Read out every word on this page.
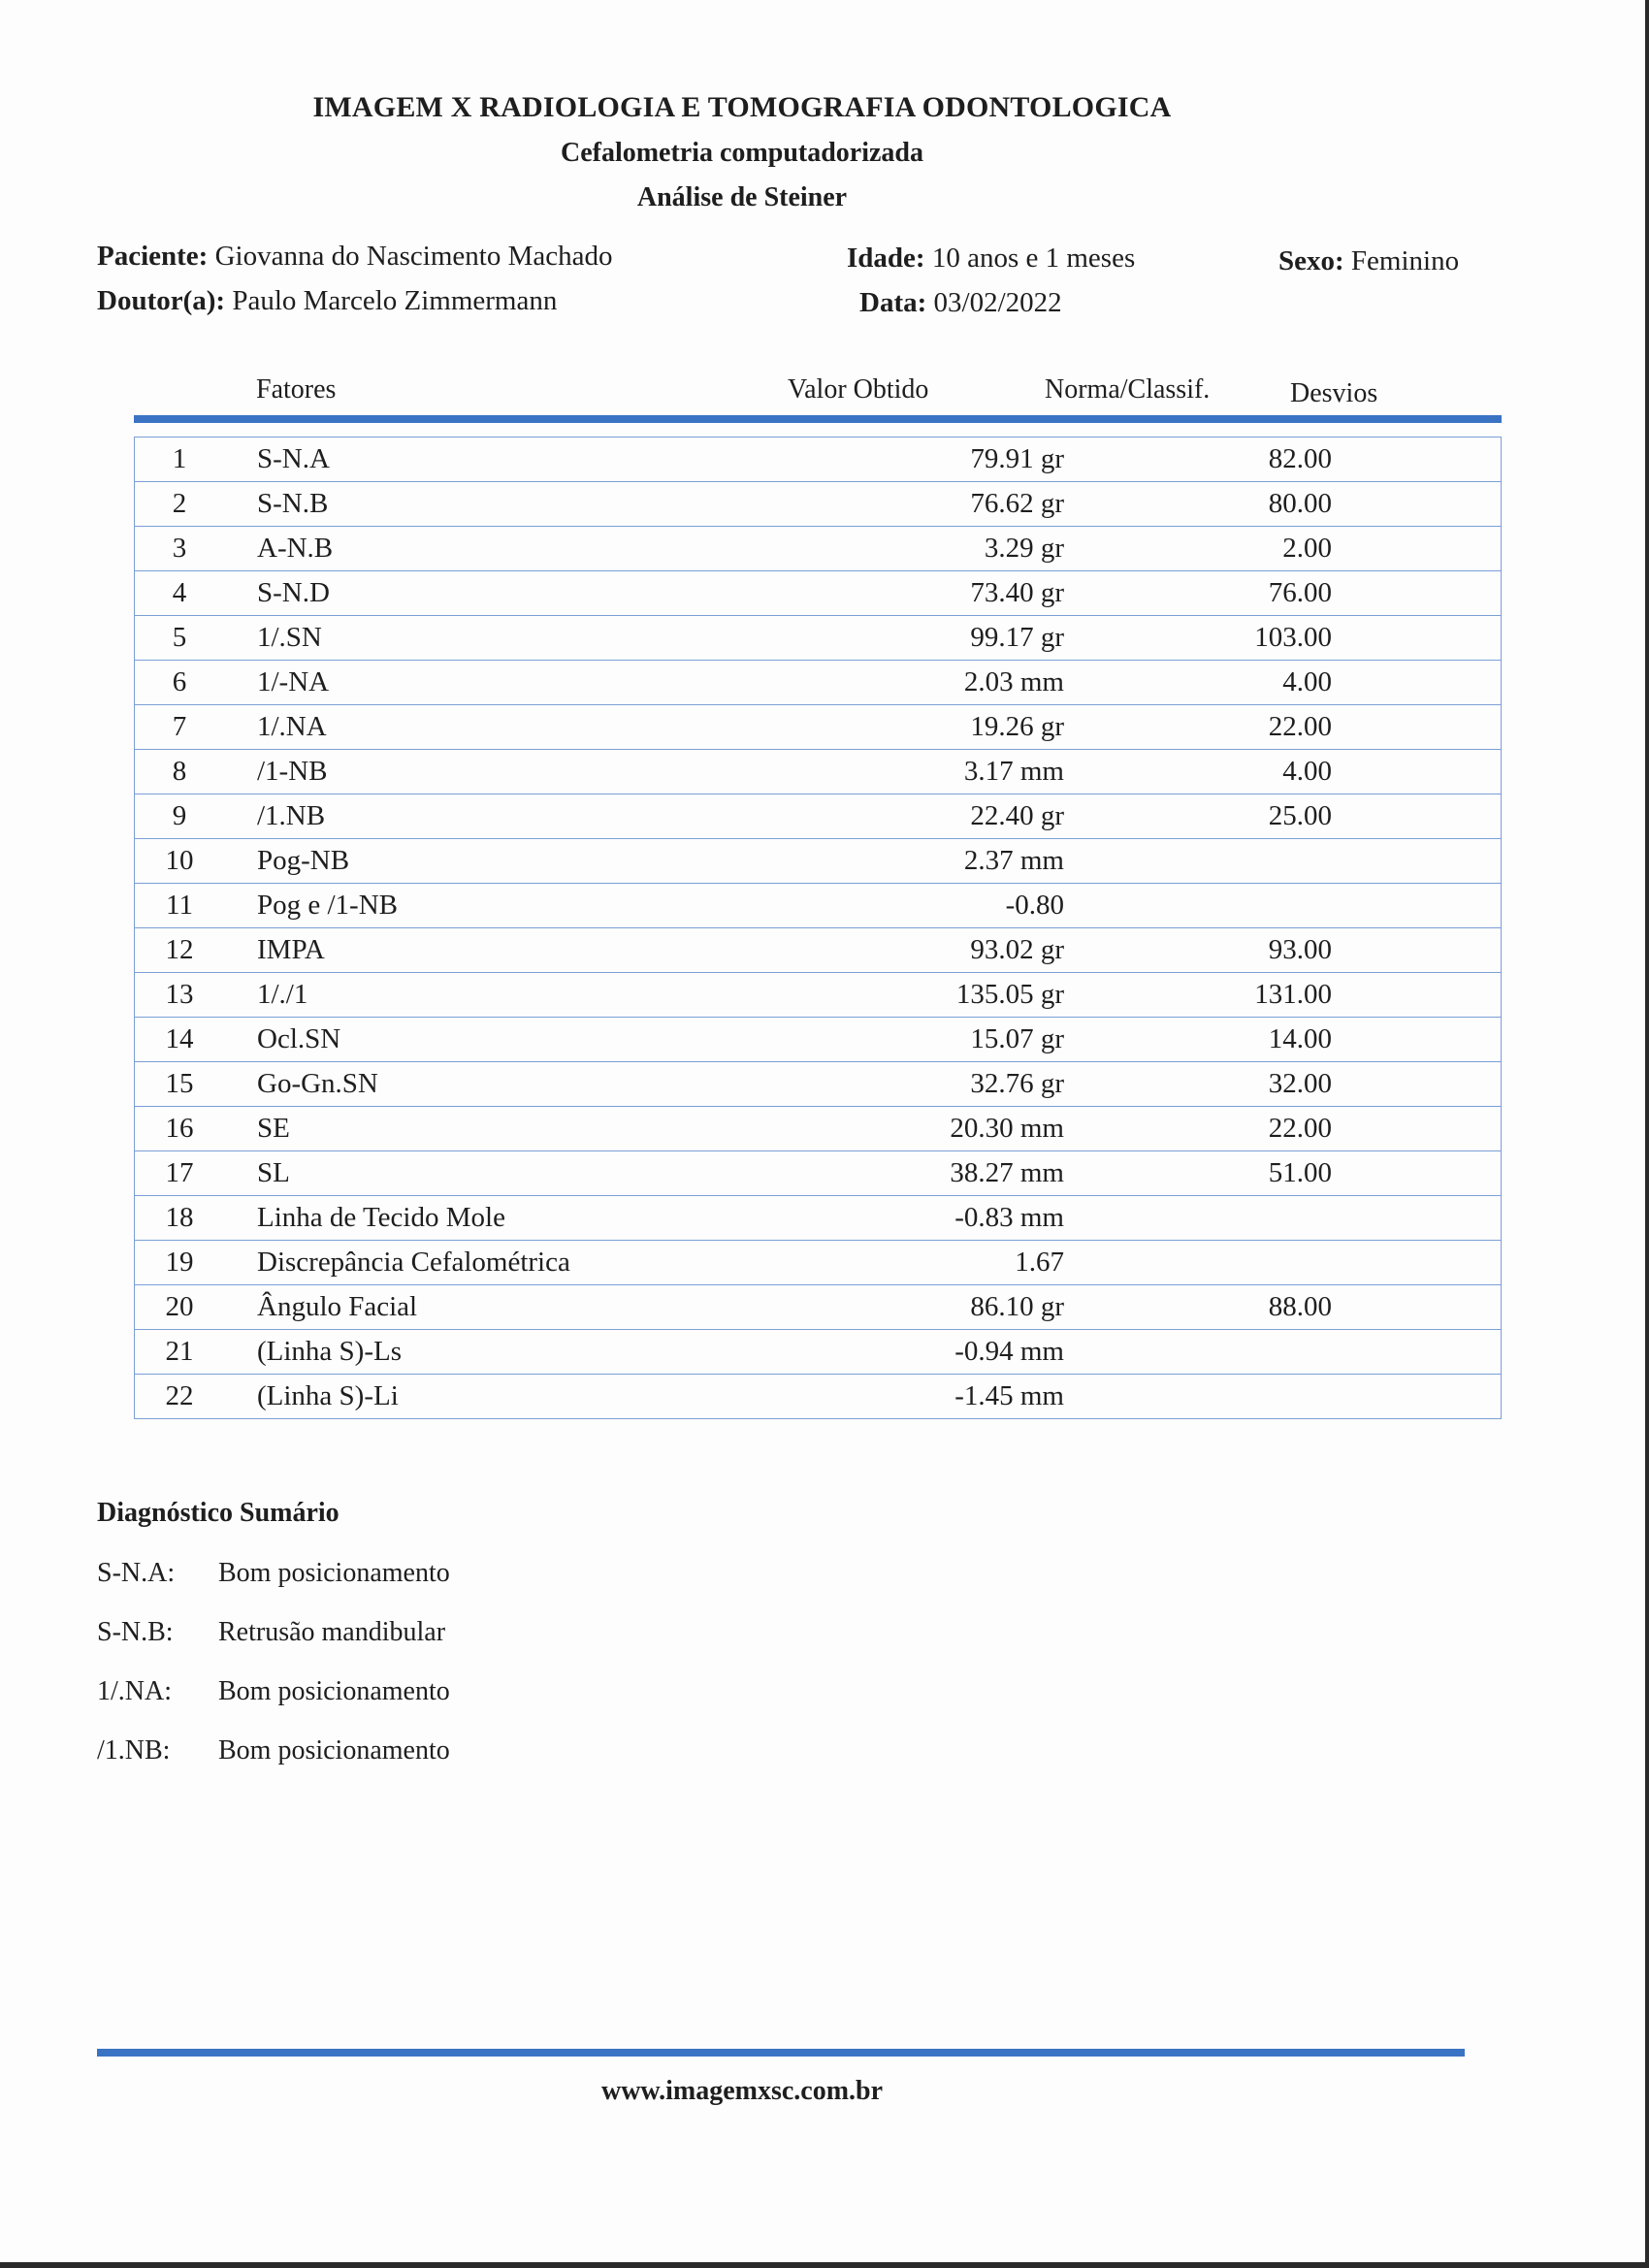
IMAGEM X RADIOLOGIA E TOMOGRAFIA ODONTOLOGICA
Cefalometria computadorizada
Análise de Steiner
Paciente: Giovanna do Nascimento Machado	Idade: 10 anos e 1 meses	Sexo: Feminino
Doutor(a): Paulo Marcelo Zimmermann	Data: 03/02/2022
Fatores	Valor Obtido	Norma/Classif.	Desvios
1	S-N.A	79.91 gr	82.00
2	S-N.B	76.62 gr	80.00
3	A-N.B	3.29 gr	2.00
4	S-N.D	73.40 gr	76.00
5	1/.SN	99.17 gr	103.00
6	1/-NA	2.03 mm	4.00
7	1/.NA	19.26 gr	22.00
8	/1-NB	3.17 mm	4.00
9	/1.NB	22.40 gr	25.00
10	Pog-NB	2.37 mm
11	Pog e /1-NB	-0.80
12	IMPA	93.02 gr	93.00
13	1/./1	135.05 gr	131.00
14	Ocl.SN	15.07 gr	14.00
15	Go-Gn.SN	32.76 gr	32.00
16	SE	20.30 mm	22.00
17	SL	38.27 mm	51.00
18	Linha de Tecido Mole	-0.83 mm
19	Discrepância Cefalométrica	1.67
20	Ângulo Facial	86.10 gr	88.00
21	(Linha S)-Ls	-0.94 mm
22	(Linha S)-Li	-1.45 mm
Diagnóstico Sumário
S-N.A: Bom posicionamento
S-N.B: Retrusão mandibular
1/.NA: Bom posicionamento
/1.NB: Bom posicionamento
www.imagemxsc.com.br
